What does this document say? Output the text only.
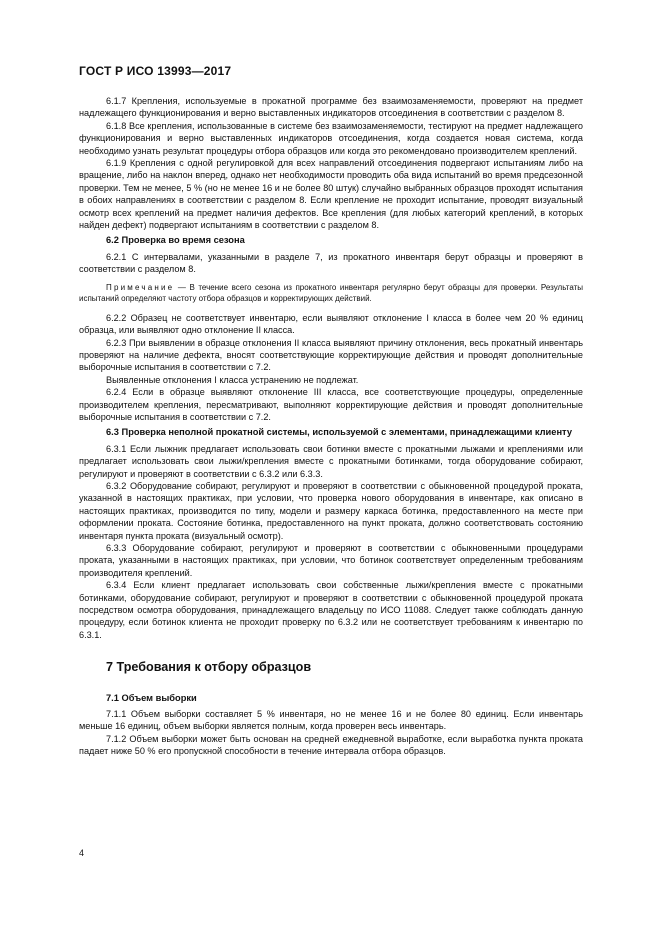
ГОСТ Р ИСО 13993—2017

6.1.7 Крепления, используемые в прокатной программе без взаимозаменяемости, проверяют на предмет надлежащего функционирования и верно выставленных индикаторов отсоединения в соответствии с разделом 8.

6.1.8 Все крепления, использованные в системе без взаимозаменяемости, тестируют на предмет надлежащего функционирования и верно выставленных индикаторов отсоединения, когда создается новая система, когда необходимо узнать результат процедуры отбора образцов или когда это рекомендовано производителем креплений.

6.1.9 Крепления с одной регулировкой для всех направлений отсоединения подвергают испытаниям либо на вращение, либо на наклон вперед, однако нет необходимости проводить оба вида испытаний во время предсезонной проверки. Тем не менее, 5 % (но не менее 16 и не более 80 штук) случайно выбранных образцов проходят испытания в обоих направлениях в соответствии с разделом 8. Если крепление не проходит испытание, проводят визуальный осмотр всех креплений на предмет наличия дефектов. Все крепления (для любых категорий креплений, в которых найден дефект) подвергают испытаниям в соответствии с разделом 8.

6.2 Проверка во время сезона

6.2.1 С интервалами, указанными в разделе 7, из прокатного инвентаря берут образцы и проверяют в соответствии с разделом 8.

Примечание — В течение всего сезона из прокатного инвентаря регулярно берут образцы для проверки. Результаты испытаний определяют частоту отбора образцов и корректирующих действий.

6.2.2 Образец не соответствует инвентарю, если выявляют отклонение I класса в более чем 20 % единиц образца, или выявляют одно отклонение II класса.

6.2.3 При выявлении в образце отклонения II класса выявляют причину отклонения, весь прокатный инвентарь проверяют на наличие дефекта, вносят соответствующие корректирующие действия и проводят дополнительные выборочные испытания в соответствии с 7.2.

Выявленные отклонения I класса устранению не подлежат.

6.2.4 Если в образце выявляют отклонение III класса, все соответствующие процедуры, определенные производителем крепления, пересматривают, выполняют корректирующие действия и проводят дополнительные выборочные испытания в соответствии с 7.2.

6.3 Проверка неполной прокатной системы, используемой с элементами, принадлежащими клиенту

6.3.1 Если лыжник предлагает использовать свои ботинки вместе с прокатными лыжами и креплениями или предлагает использовать свои лыжи/крепления вместе с прокатными ботинками, тогда оборудование собирают, регулируют и проверяют в соответствии с 6.3.2 или 6.3.3.

6.3.2 Оборудование собирают, регулируют и проверяют в соответствии с обыкновенной процедурой проката, указанной в настоящих практиках, при условии, что проверка нового оборудования в инвентаре, как описано в настоящих практиках, производится по типу, модели и размеру каркаса ботинка, предоставленного на месте при оформлении проката. Состояние ботинка, предоставленного на пункт проката, должно соответствовать состоянию инвентаря пункта проката (визуальный осмотр).

6.3.3 Оборудование собирают, регулируют и проверяют в соответствии с обыкновенными процедурами проката, указанными в настоящих практиках, при условии, что ботинок соответствует определенным требованиям производителя креплений.

6.3.4 Если клиент предлагает использовать свои собственные лыжи/крепления вместе с прокатными ботинками, оборудование собирают, регулируют и проверяют в соответствии с обыкновенной процедурой проката посредством осмотра оборудования, принадлежащего владельцу по ИСО 11088. Следует также соблюдать данную процедуру, если ботинок клиента не проходит проверку по 6.3.2 или не соответствует требованиям к инвентарю по 6.3.1.

7 Требования к отбору образцов
7.1 Объем выборки

7.1.1 Объем выборки составляет 5 % инвентаря, но не менее 16 и не более 80 единиц. Если инвентарь меньше 16 единиц, объем выборки является полным, когда проверен весь инвентарь.

7.1.2 Объем выборки может быть основан на средней ежедневной выработке, если выработка пункта проката падает ниже 50 % его пропускной способности в течение интервала отбора образцов.

4
